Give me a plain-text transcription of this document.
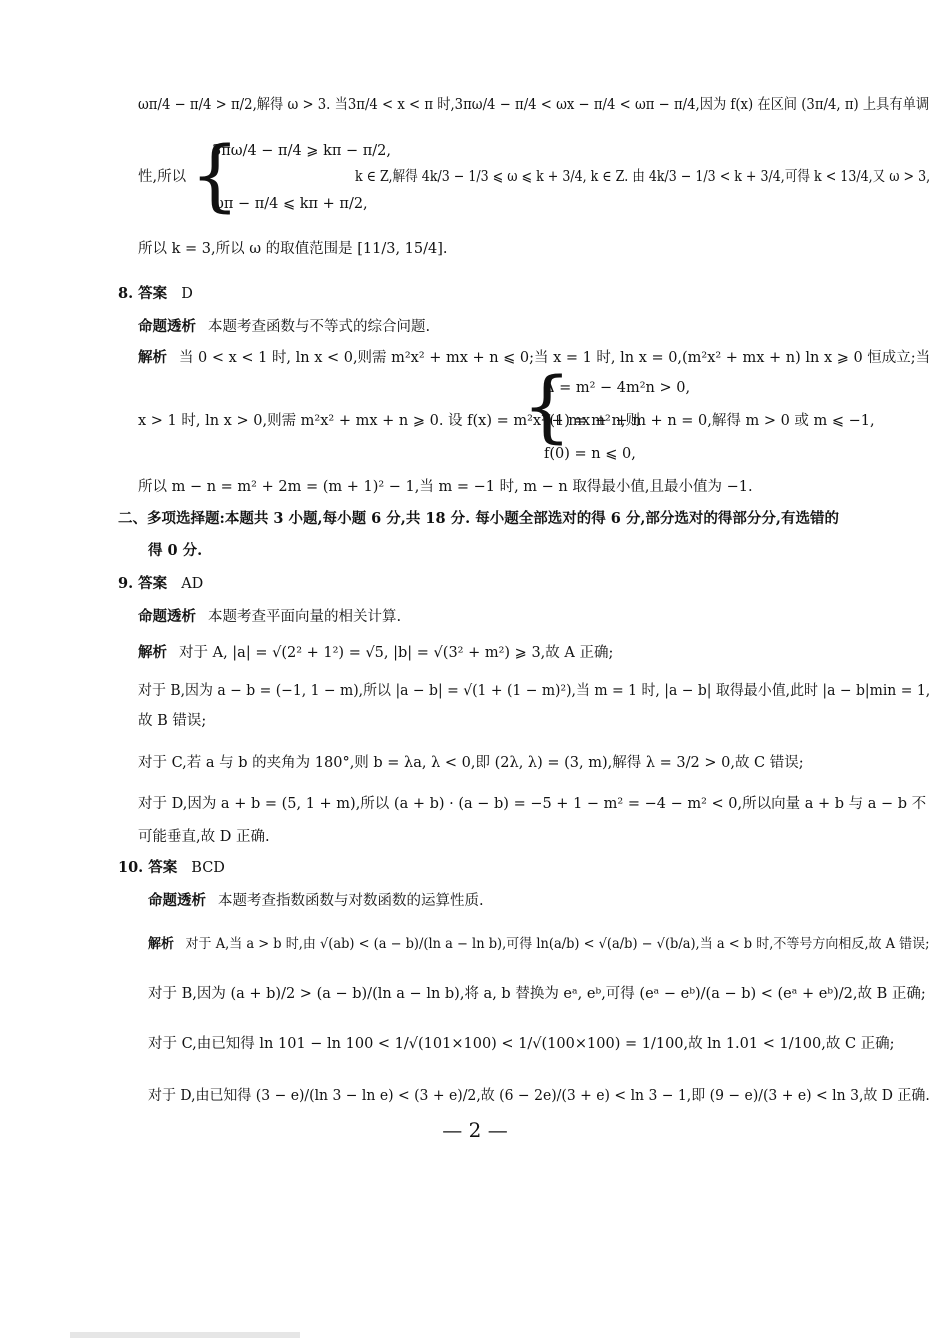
ωπ/4 − π/4 > π/2,解得 ω > 3. 当3π/4 < x < π 时,3πω/4 − π/4 < ωx − π/4 < ωπ − π/4,因为 f(x) 在区间 (3π/4, π) 上具有单调
性,所以 {
3πω/4 − π/4 ⩾ kπ − π/2,
ωπ − π/4 ⩽ kπ + π/2,
k ∈ Z,解得 4k/3 − 1/3 ⩽ ω ⩽ k + 3/4, k ∈ Z. 由 4k/3 − 1/3 < k + 3/4,可得 k < 13/4,又 ω > 3,
所以 k = 3,所以 ω 的取值范围是 [11/3, 15/4].
8. 答案 D
命题透析 本题考查函数与不等式的综合问题.
解析 当 0 < x < 1 时, ln x < 0,则需 m²x² + mx + n ⩽ 0;当 x = 1 时, ln x = 0,(m²x² + mx + n) ln x ⩾ 0 恒成立;当
{
Δ = m² − 4m²n > 0,
x > 1 时, ln x > 0,则需 m²x² + mx + n ⩾ 0. 设 f(x) = m²x² + mx + n,则
f(1) = m² + m + n = 0,解得 m > 0 或 m ⩽ −1,
f(0) = n ⩽ 0,
所以 m − n = m² + 2m = (m + 1)² − 1,当 m = −1 时, m − n 取得最小值,且最小值为 −1.
二、多项选择题:本题共 3 小题,每小题 6 分,共 18 分. 每小题全部选对的得 6 分,部分选对的得部分分,有选错的
得 0 分.
9. 答案 AD
命题透析 本题考查平面向量的相关计算.
解析 对于 A, |a| = √(2² + 1²) = √5, |b| = √(3² + m²) ⩾ 3,故 A 正确;
对于 B,因为 a − b = (−1, 1 − m),所以 |a − b| = √(1 + (1 − m)²),当 m = 1 时, |a − b| 取得最小值,此时 |a − b|min = 1,
故 B 错误;
对于 C,若 a 与 b 的夹角为 180°,则 b = λa, λ < 0,即 (2λ, λ) = (3, m),解得 λ = 3/2 > 0,故 C 错误;
对于 D,因为 a + b = (5, 1 + m),所以 (a + b) · (a − b) = −5 + 1 − m² = −4 − m² < 0,所以向量 a + b 与 a − b 不
可能垂直,故 D 正确.
10. 答案 BCD
命题透析 本题考查指数函数与对数函数的运算性质.
解析 对于 A,当 a > b 时,由 √(ab) < (a − b)/(ln a − ln b),可得 ln(a/b) < √(a/b) − √(b/a),当 a < b 时,不等号方向相反,故 A 错误;
对于 B,因为 (a + b)/2 > (a − b)/(ln a − ln b),将 a, b 替换为 eᵃ, eᵇ,可得 (eᵃ − eᵇ)/(a − b) < (eᵃ + eᵇ)/2,故 B 正确;
对于 C,由已知得 ln 101 − ln 100 < 1/√(101×100) < 1/√(100×100) = 1/100,故 ln 1.01 < 1/100,故 C 正确;
对于 D,由已知得 (3 − e)/(ln 3 − ln e) < (3 + e)/2,故 (6 − 2e)/(3 + e) < ln 3 − 1,即 (9 − e)/(3 + e) < ln 3,故 D 正确.
— 2 —
